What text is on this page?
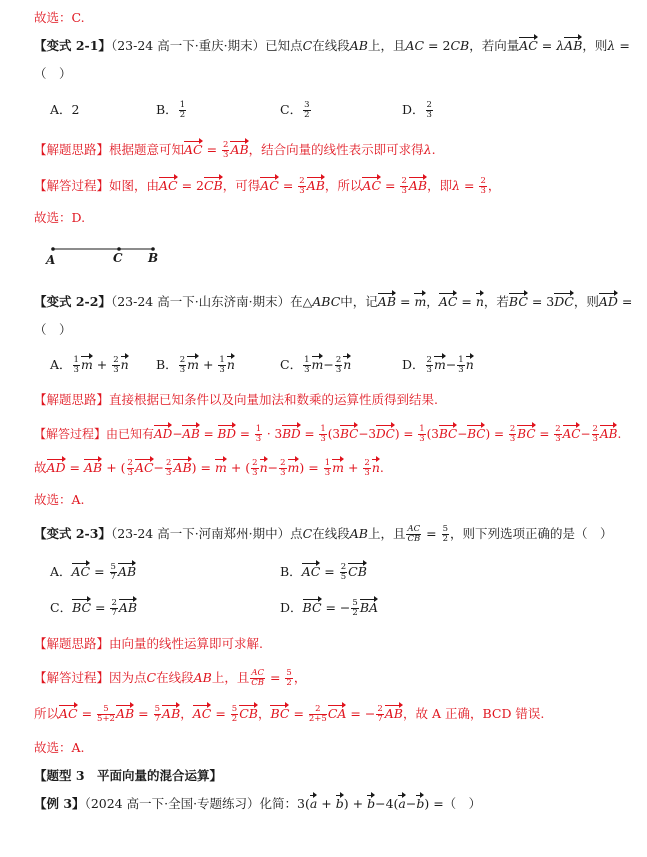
故选：C.
【变式 2-1】（23-24 高一下·重庆·期末）已知点C在线段AB上，且AC = 2CB，若向量AC = λAB，则λ =
（　）
A．2	B． $\frac{1}{2}$	C． $\frac{3}{2}$	D． $\frac{2}{3}$
【解题思路】根据题意可知AC = $\frac{2}{3}$ AB，结合向量的线性表示即可求得λ.
【解答过程】如图，由AC = 2CB，可得AC = $\frac{2}{3}$ AB，所以AC = $\frac{2}{3}$ AB，即$\lambda = \frac{2}{3}$ ，
故选：D.
A	C B
【变式 2-2】（23-24 高一下·山东济南·期末）在△ABC中，记AB = m，AC = n，若BC = 3DC，则AD =
（　）
A． $\frac{1}{3}$ $m + \frac{2}{3}$ n B． $\frac{2}{3}$ $m + \frac{1}{3}$ n	C． $\frac{1}{3} m- \frac{2}{3}$ n	D． $\frac{2}{3} m- \frac{1}{3}$ n
【解题思路】直接根据已知条件以及向量加法和数乘的运算性质得到结果.
【解答过程】由已知有AD−AB = BD = $\frac{1}{3} \cdot 3BD = \frac{1}{3} (3BC-3DC) = \frac{1}{3} (3BC-BC) = \frac{2}{3}$ BC = $\frac{2}{3} AC- \frac{2}{3}$ AB.
故AD = AB + ( $\frac{2}{3} AC- \frac{2}{3} AB) = m$ + ( $\frac{2}{3} n- \frac{2}{3} m) = \frac{1}{3}$ $m + \frac{2}{3} n$.
故选：A.
【变式 2-3】（23-24 高一下·河南郑州·期中）点C在线段AB上，且 $\frac{AC}{CB} = \frac{5}{2}$ ，则下列选项正确的是（　）
A．AC = $\frac{5}{7}$ AB	B．AC = $\frac{2}{5}$ CB
C．BC = $\frac{2}{7}$ AB	D．BC = − $\frac{5}{2}$ BA
【解题思路】由向量的线性运算即可求解.
【解答过程】因为点C在线段AB上，且 $\frac{AC}{CB} = \frac{5}{2}$ ，
所以AC = $\frac{5}{5+2}$ AB = $\frac{5}{7}$ AB，AC = $\frac{5}{2}$ CB，BC = $\frac{2}{2+5}$ CA = − $\frac{2}{7}$ AB，故 A 正确，BCD 错误.
故选：A.
【题型 3　平面向量的混合运算】
【例 3】（2024 高一下·全国·专题练习）化简：3(a + b) + b−4(a−b) =（　）
